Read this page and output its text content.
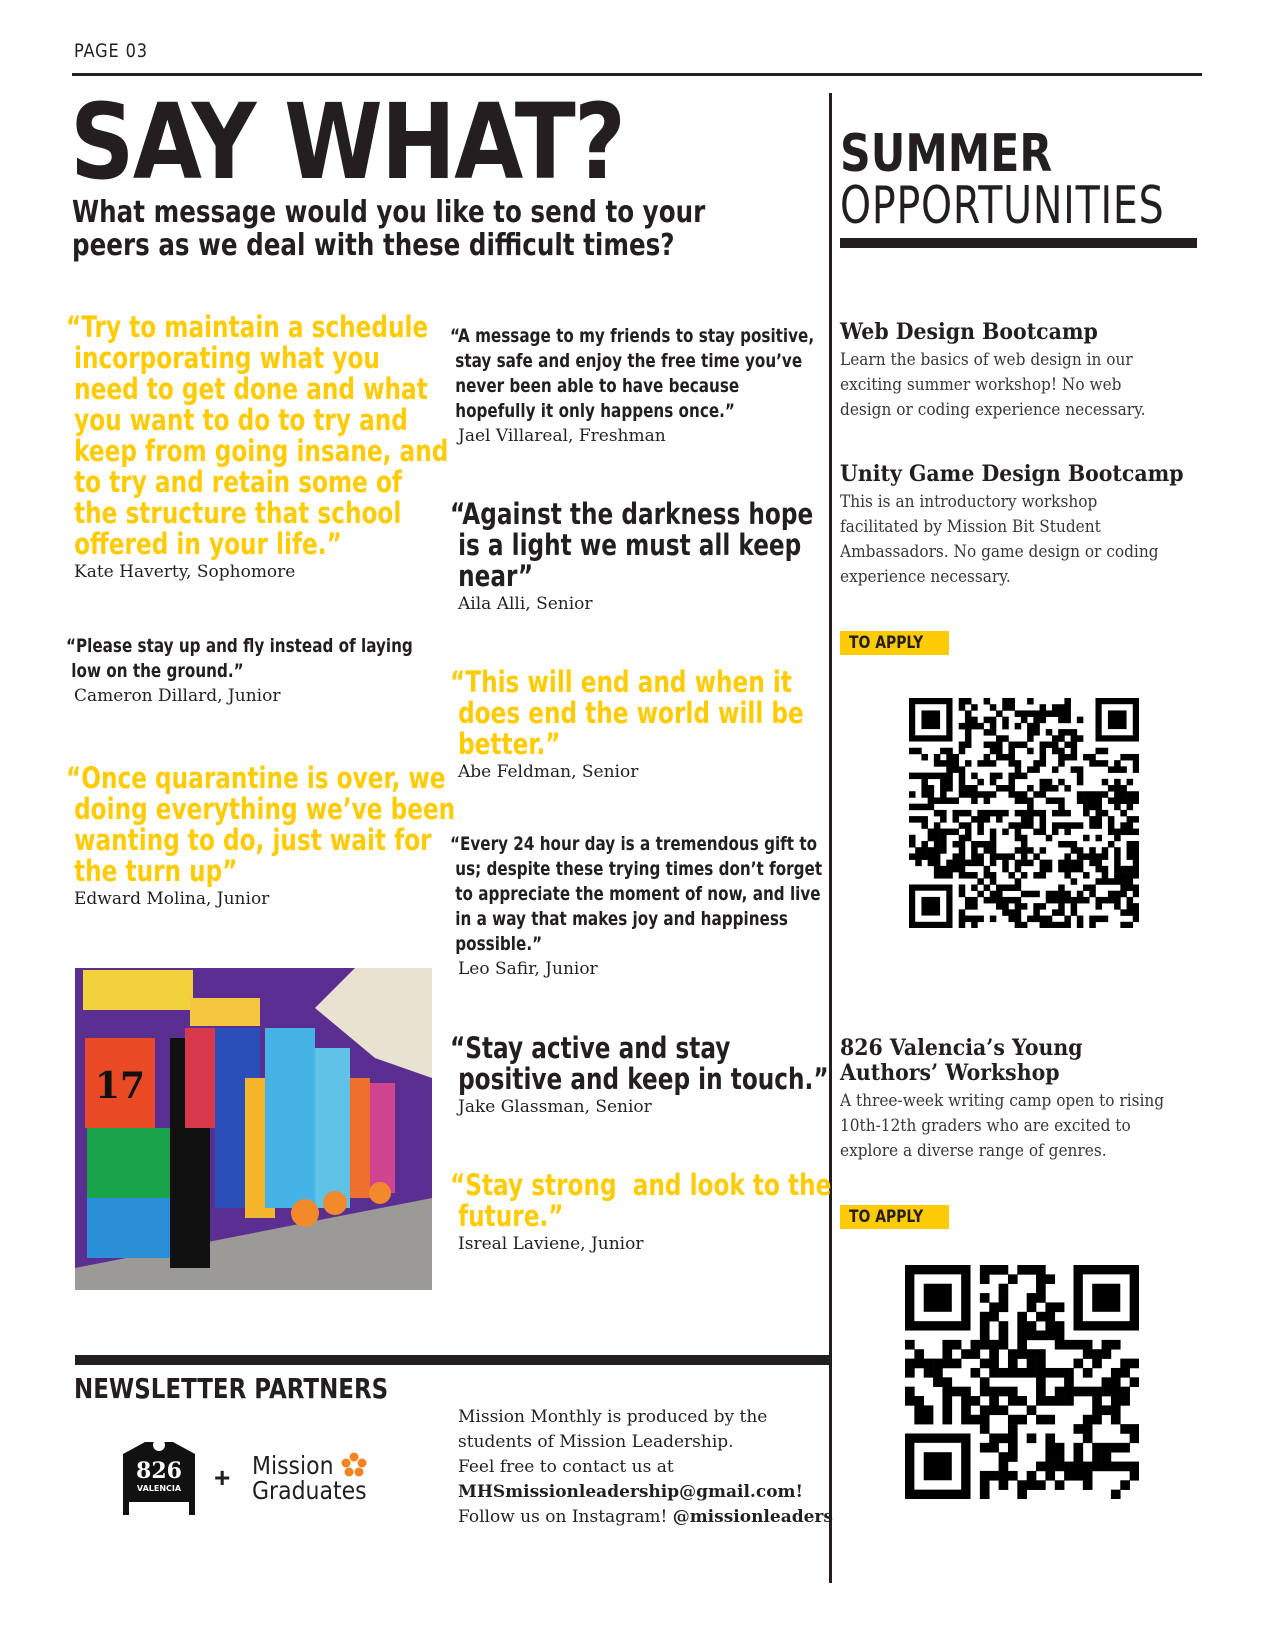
PAGE 03
SAY WHAT?
What message would you like to send to your
peers as we deal with these difficult times?
“Try to maintain a schedule
incorporating what you
need to get done and what
you want to do to try and
keep from going insane, and
to try and retain some of
the structure that school
offered in your life.”
Kate Haverty, Sophomore
“Please stay up and fly instead of laying
low on the ground.”
Cameron Dillard, Junior
“Once quarantine is over, we
doing everything we’ve been
wanting to do, just wait for
the turn up”
Edward Molina, Junior
“A message to my friends to stay positive,
stay safe and enjoy the free time you’ve
never been able to have because
hopefully it only happens once.”
Jael Villareal, Freshman
“Against the darkness hope
is a light we must all keep
near”
Aila Alli, Senior
“This will end and when it
does end the world will be
better.”
Abe Feldman, Senior
“Every 24 hour day is a tremendous gift to
us; despite these trying times don’t forget
to appreciate the moment of now, and live
in a way that makes joy and happiness
possible.”
Leo Safir, Junior
“Stay active and stay
positive and keep in touch.”
Jake Glassman, Senior
“Stay strong  and look to the
future.”
Isreal Laviene, Junior
17
NEWSLETTER PARTNERS
826
VALENCIA + Mission
Graduates
Mission Monthly is produced by the
students of Mission Leadership.
Feel free to contact us at
MHSmissionleadership@gmail.com!
Follow us on Instagram! @missionleaders
SUMMER
OPPORTUNITIES
Web Design Bootcamp
Learn the basics of web design in our exciting summer workshop! No web design or coding experience necessary.
Unity Game Design Bootcamp
This is an introductory workshop facilitated by Mission Bit Student Ambassadors. No game design or coding experience necessary.
TO APPLY
826 Valencia’s Young Authors’ Workshop
A three-week writing camp open to rising 10th-12th graders who are excited to explore a diverse range of genres.
TO APPLY
